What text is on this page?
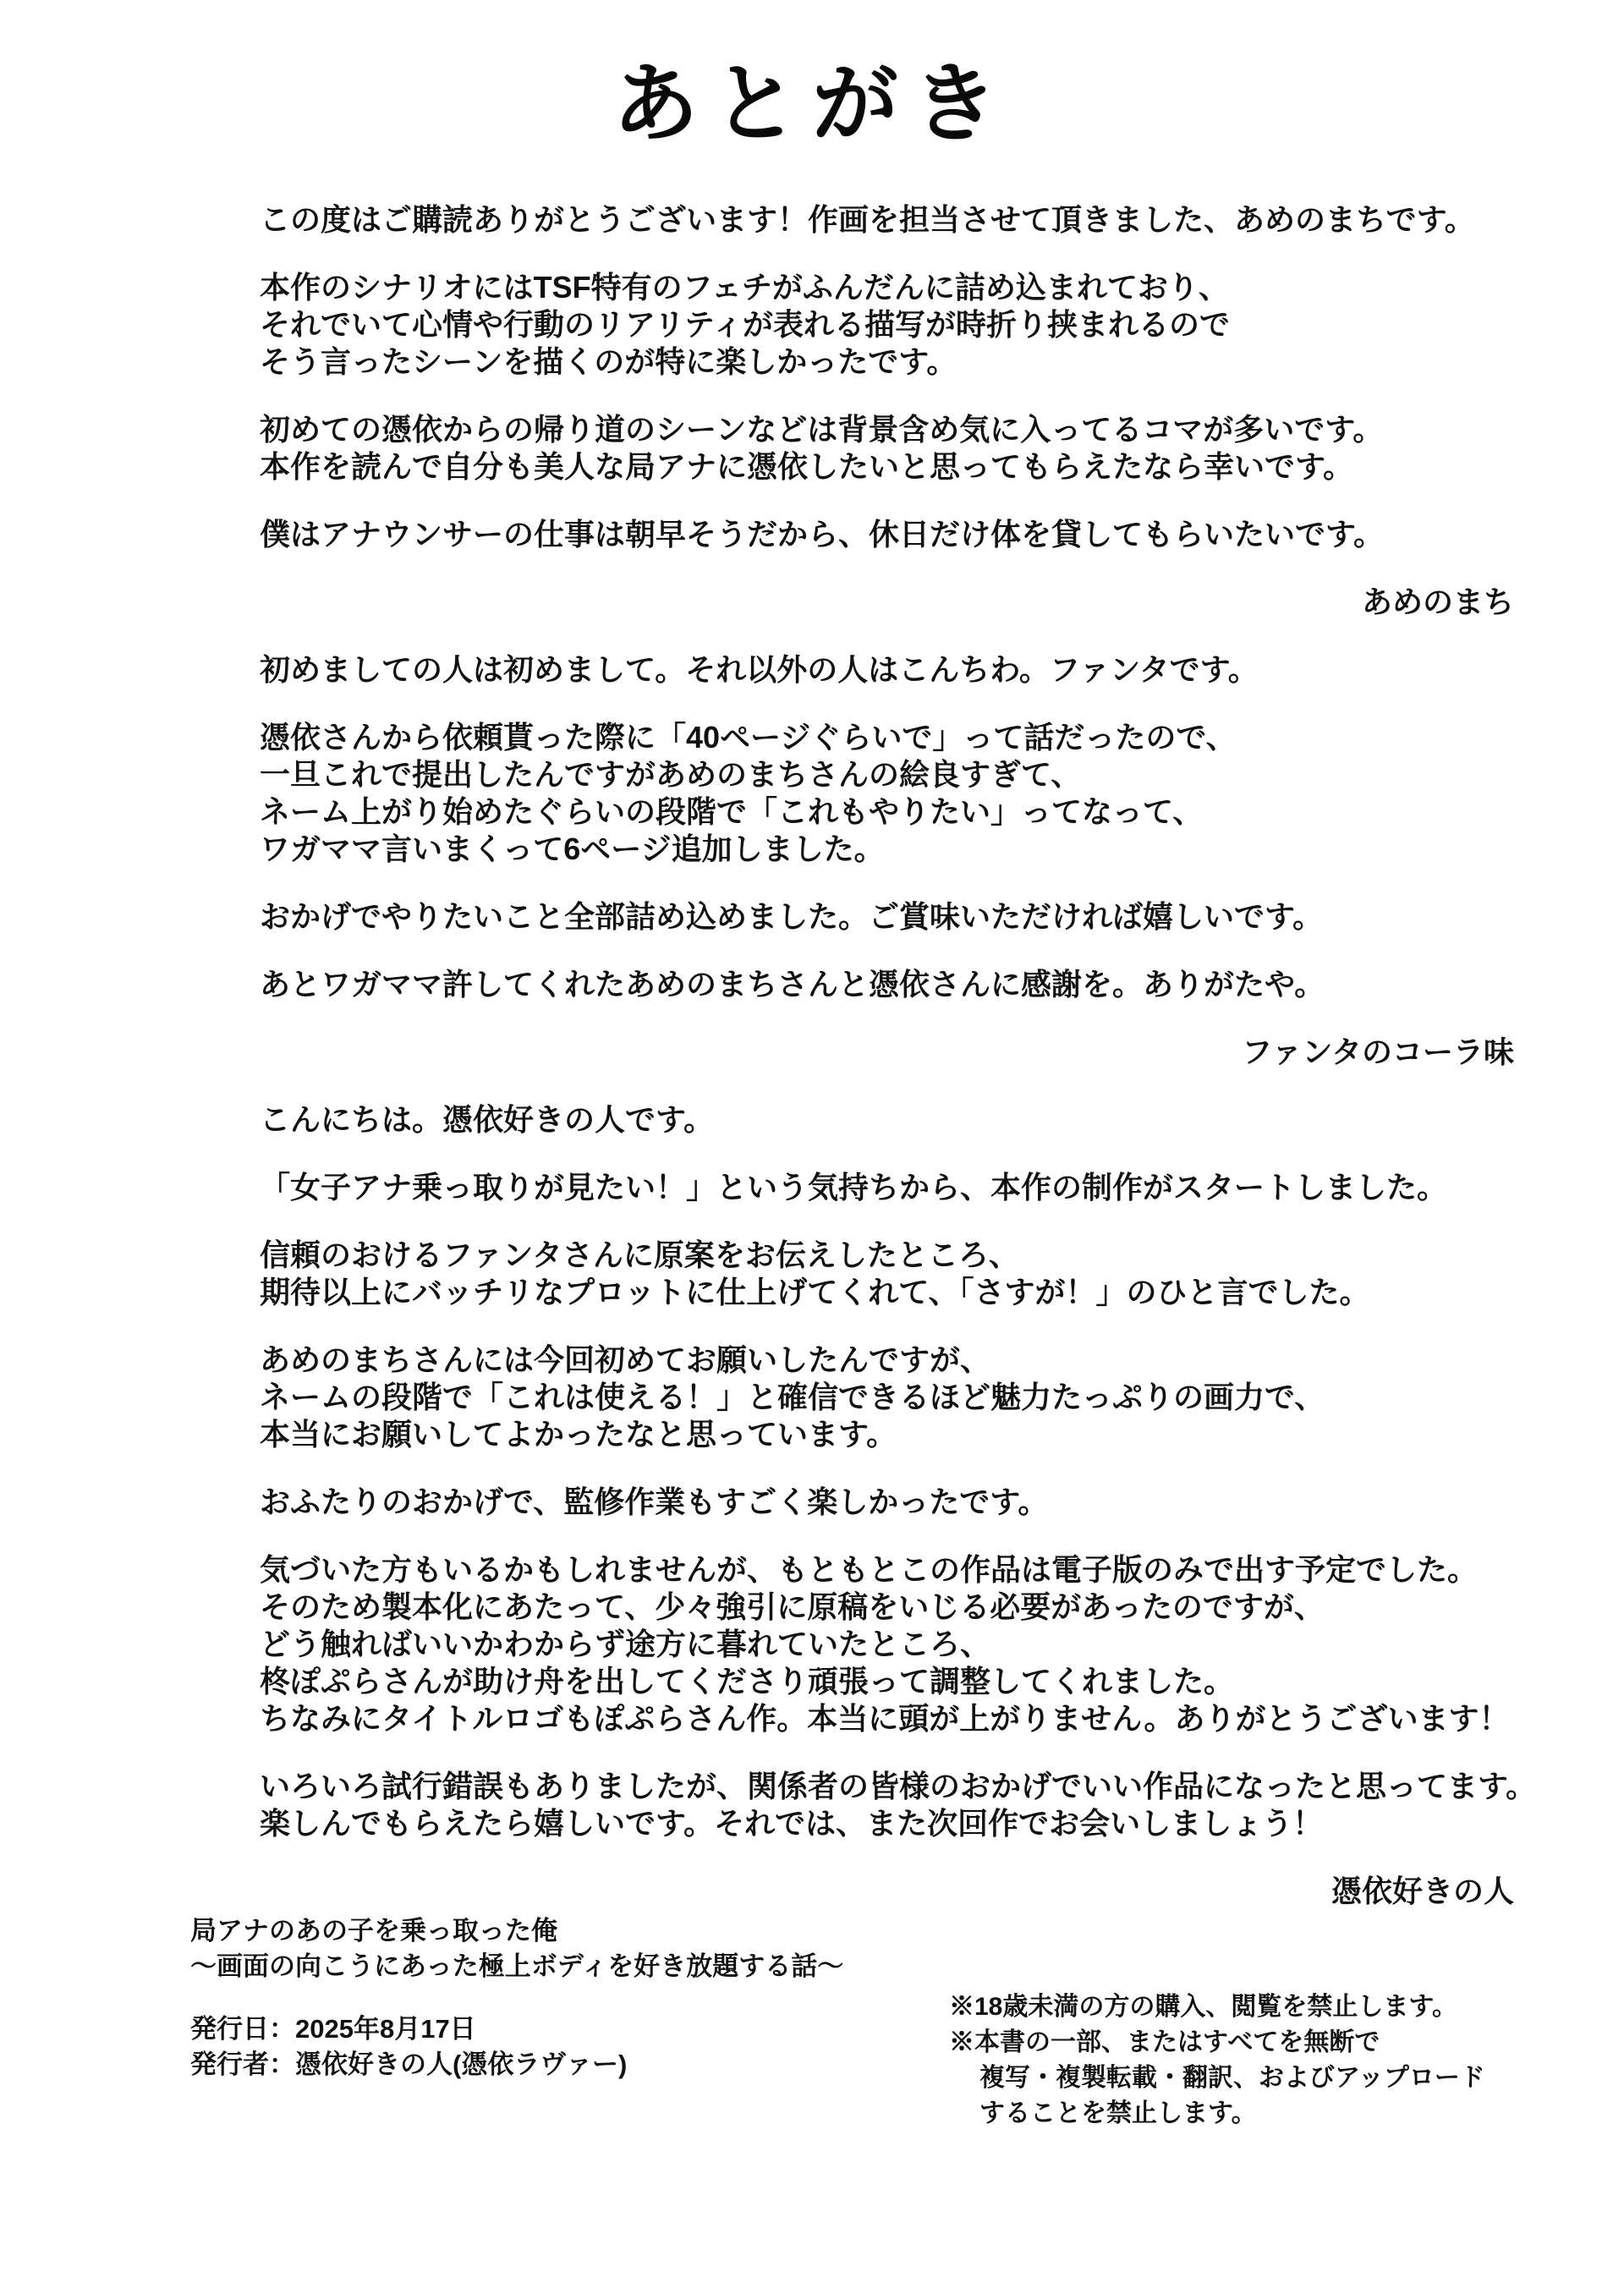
あとがき
この度はご購読ありがとうございます！作画を担当させて頂きました、あめのまちです。
本作のシナリオにはTSF特有のフェチがふんだんに詰め込まれており、
それでいて心情や行動のリアリティが表れる描写が時折り挟まれるので
そう言ったシーンを描くのが特に楽しかったです。
初めての憑依からの帰り道のシーンなどは背景含め気に入ってるコマが多いです。
本作を読んで自分も美人な局アナに憑依したいと思ってもらえたなら幸いです。
僕はアナウンサーの仕事は朝早そうだから、休日だけ体を貸してもらいたいです。
あめのまち
初めましての人は初めまして。それ以外の人はこんちわ。ファンタです。
憑依さんから依頼貰った際に「40ページぐらいで」って話だったので、
一旦これで提出したんですがあめのまちさんの絵良すぎて、
ネーム上がり始めたぐらいの段階で「これもやりたい」ってなって、
ワガママ言いまくって6ページ追加しました。
おかげでやりたいこと全部詰め込めました。ご賞味いただければ嬉しいです。
あとワガママ許してくれたあめのまちさんと憑依さんに感謝を。ありがたや。
ファンタのコーラ味
こんにちは。憑依好きの人です。
「女子アナ乗っ取りが見たい！」という気持ちから、本作の制作がスタートしました。
信頼のおけるファンタさんに原案をお伝えしたところ、
期待以上にバッチリなプロットに仕上げてくれて、「さすが！」のひと言でした。
あめのまちさんには今回初めてお願いしたんですが、
ネームの段階で「これは使える！」と確信できるほど魅力たっぷりの画力で、
本当にお願いしてよかったなと思っています。
おふたりのおかげで、監修作業もすごく楽しかったです。
気づいた方もいるかもしれませんが、もともとこの作品は電子版のみで出す予定でした。
そのため製本化にあたって、少々強引に原稿をいじる必要があったのですが、
どう触ればいいかわからず途方に暮れていたところ、
柊ぽぷらさんが助け舟を出してくださり頑張って調整してくれました。
ちなみにタイトルロゴもぽぷらさん作。本当に頭が上がりません。ありがとうございます！
いろいろ試行錯誤もありましたが、関係者の皆様のおかげでいい作品になったと思ってます。
楽しんでもらえたら嬉しいです。それでは、また次回作でお会いしましょう！
憑依好きの人
局アナのあの子を乗っ取った俺
～画面の向こうにあった極上ボディを好き放題する話～
発行日：2025年8月17日
発行者：憑依好きの人(憑依ラヴァー)
※18歳未満の方の購入、閲覧を禁止します。
※本書の一部、またはすべてを無断で
複写・複製転載・翻訳、およびアップロード
することを禁止します。
